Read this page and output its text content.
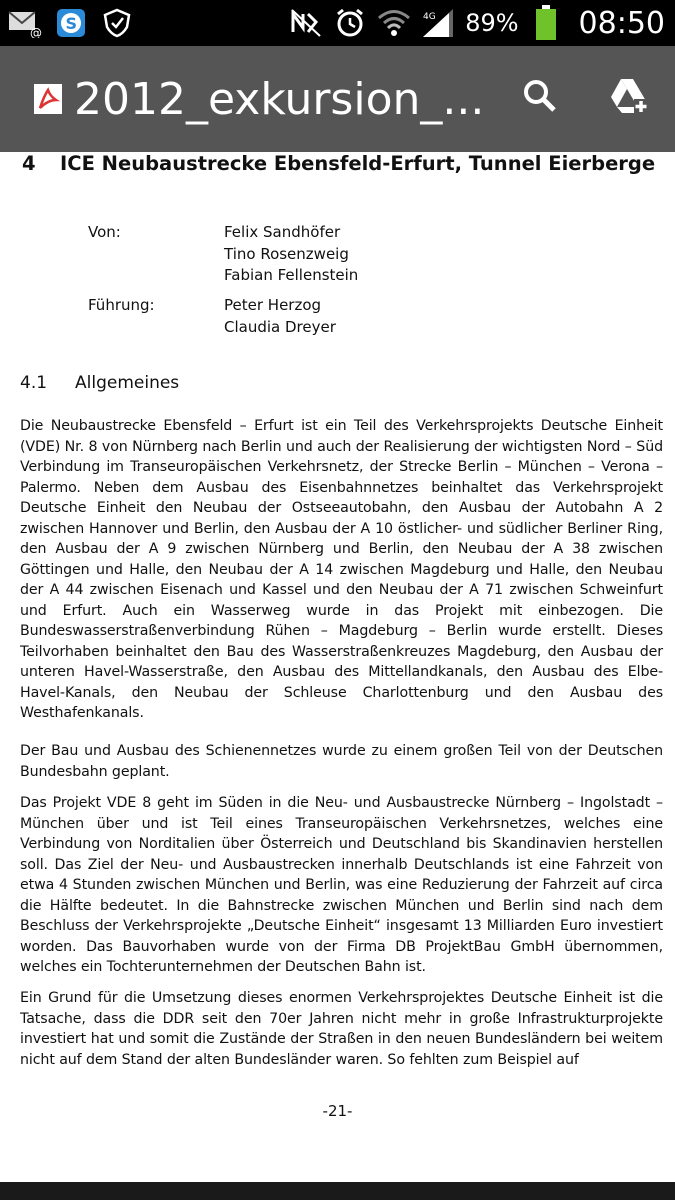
@ S	4G 89% 08:50
2012_exkursion_...
4 ICE Neubaustrecke Ebensfeld-Erfurt, Tunnel Eierberge
Von:	Felix Sandhöfer
Tino Rosenzweig
Fabian Fellenstein
Führung:	Peter Herzog
Claudia Dreyer
4.1 Allgemeines

Die Neubaustrecke Ebensfeld – Erfurt ist ein Teil des Verkehrsprojekts Deutsche Einheit (VDE) Nr. 8 von Nürnberg nach Berlin und auch der Realisierung der wichtigsten Nord – Süd Verbindung im Transeuropäischen Verkehrsnetz, der Strecke Berlin – München – Verona – Palermo. Neben dem Ausbau des Eisenbahnnetzes beinhaltet das Verkehrsprojekt Deutsche Einheit den Neubau der Ostseeautobahn, den Ausbau der Autobahn A 2 zwischen Hannover und Berlin, den Ausbau der A 10 östlicher- und südlicher Berliner Ring, den Ausbau der A 9 zwischen Nürnberg und Berlin, den Neubau der A 38 zwischen Göttingen und Halle, den Neubau der A 14 zwischen Magdeburg und Halle, den Neubau der A 44 zwischen Eisenach und Kassel und den Neubau der A 71 zwischen Schweinfurt und Erfurt. Auch ein Wasserweg wurde in das Projekt mit einbezogen. Die Bundeswasserstraßenverbindung Rühen – Magdeburg – Berlin wurde erstellt. Dieses Teilvorhaben beinhaltet den Bau des Wasserstraßenkreuzes Magdeburg, den Ausbau der unteren Havel-Wasserstraße, den Ausbau des Mittellandkanals, den Ausbau des Elbe-Havel-Kanals, den Neubau der Schleuse Charlottenburg und den Ausbau des Westhafenkanals.

Der Bau und Ausbau des Schienennetzes wurde zu einem großen Teil von der Deutschen Bundesbahn geplant.

Das Projekt VDE 8 geht im Süden in die Neu- und Ausbaustrecke Nürnberg – Ingolstadt – München über und ist Teil eines Transeuropäischen Verkehrsnetzes, welches eine Verbindung von Norditalien über Österreich und Deutschland bis Skandinavien herstellen soll. Das Ziel der Neu- und Ausbaustrecken innerhalb Deutschlands ist eine Fahrzeit von etwa 4 Stunden zwischen München und Berlin, was eine Reduzierung der Fahrzeit auf circa die Hälfte bedeutet. In die Bahnstrecke zwischen München und Berlin sind nach dem Beschluss der Verkehrsprojekte „Deutsche Einheit“ insgesamt 13 Milliarden Euro investiert worden. Das Bauvorhaben wurde von der Firma DB ProjektBau GmbH übernommen, welches ein Tochterunternehmen der Deutschen Bahn ist.

Ein Grund für die Umsetzung dieses enormen Verkehrsprojektes Deutsche Einheit ist die Tatsache, dass die DDR seit den 70er Jahren nicht mehr in große Infrastrukturprojekte investiert hat und somit die Zustände der Straßen in den neuen Bundesländern bei weitem nicht auf dem Stand der alten Bundesländer waren. So fehlten zum Beispiel auf

-21-
